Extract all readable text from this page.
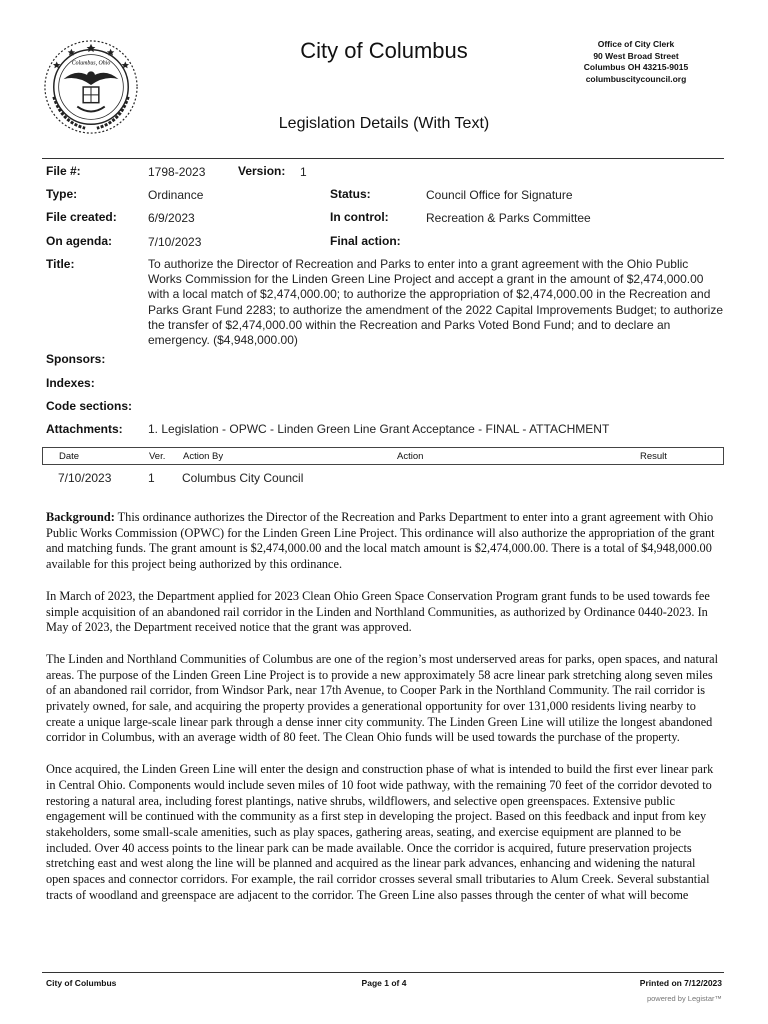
Columbus, Ohio
City of Columbus	Office of City Clerk
90 West Broad Street
Columbus OH 43215-9015
columbuscitycouncil.org
Legislation Details (With Text)
File #:	1798-2023	Version: 1
Type:	Ordinance	Status:	Council Office for Signature
File created:	6/9/2023	In control:	Recreation & Parks Committee
On agenda:	7/10/2023	Final action:
Title:	To authorize the Director of Recreation and Parks to enter into a grant agreement with the Ohio Public Works Commission for the Linden Green Line Project and accept a grant in the amount of $2,474,000.00 with a local match of $2,474,000.00; to authorize the appropriation of $2,474,000.00 in the Recreation and Parks Grant Fund 2283; to authorize the amendment of the 2022 Capital Improvements Budget; to authorize the transfer of $2,474,000.00 within the Recreation and Parks Voted Bond Fund; and to declare an emergency. ($4,948,000.00)
Sponsors:
Indexes:
Code sections:
Attachments: 1. Legislation - OPWC - Linden Green Line Grant Acceptance - FINAL - ATTACHMENT
Date	Ver. Action By	Action	Result
7/10/2023	1 Columbus City Council

Background: This ordinance authorizes the Director of the Recreation and Parks Department to enter into a grant agreement with Ohio Public Works Commission (OPWC) for the Linden Green Line Project. This ordinance will also authorize the appropriation of the grant and matching funds. The grant amount is $2,474,000.00 and the local match amount is $2,474,000.00. There is a total of $4,948,000.00 available for this project being authorized by this ordinance.

In March of 2023, the Department applied for 2023 Clean Ohio Green Space Conservation Program grant funds to be used towards fee simple acquisition of an abandoned rail corridor in the Linden and Northland Communities, as authorized by Ordinance 0440-2023. In May of 2023, the Department received notice that the grant was approved.

The Linden and Northland Communities of Columbus are one of the region’s most underserved areas for parks, open spaces, and natural areas. The purpose of the Linden Green Line Project is to provide a new approximately 58 acre linear park stretching along seven miles of an abandoned rail corridor, from Windsor Park, near 17th Avenue, to Cooper Park in the Northland Community. The rail corridor is privately owned, for sale, and acquiring the property provides a generational opportunity for over 131,000 residents living nearby to create a unique large-scale linear park through a dense inner city community. The Linden Green Line will utilize the longest abandoned corridor in Columbus, with an average width of 80 feet. The Clean Ohio funds will be used towards the purchase of the property.

Once acquired, the Linden Green Line will enter the design and construction phase of what is intended to build the first ever linear park in Central Ohio. Components would include seven miles of 10 foot wide pathway, with the remaining 70 feet of the corridor devoted to restoring a natural area, including forest plantings, native shrubs, wildflowers, and selective open greenspaces. Extensive public engagement will be continued with the community as a first step in developing the project. Based on this feedback and input from key stakeholders, some small-scale amenities, such as play spaces, gathering areas, seating, and exercise equipment are planned to be included. Over 40 access points to the linear park can be made available. Once the corridor is acquired, future preservation projects stretching east and west along the line will be planned and acquired as the linear park advances, enhancing and widening the natural open spaces and connector corridors. For example, the rail corridor crosses several small tributaries to Alum Creek. Several substantial tracts of woodland and greenspace are adjacent to the corridor. The Green Line also passes through the center of what will become

City of Columbus	Page 1 of 4	Printed on 7/12/2023
powered by Legistar™
